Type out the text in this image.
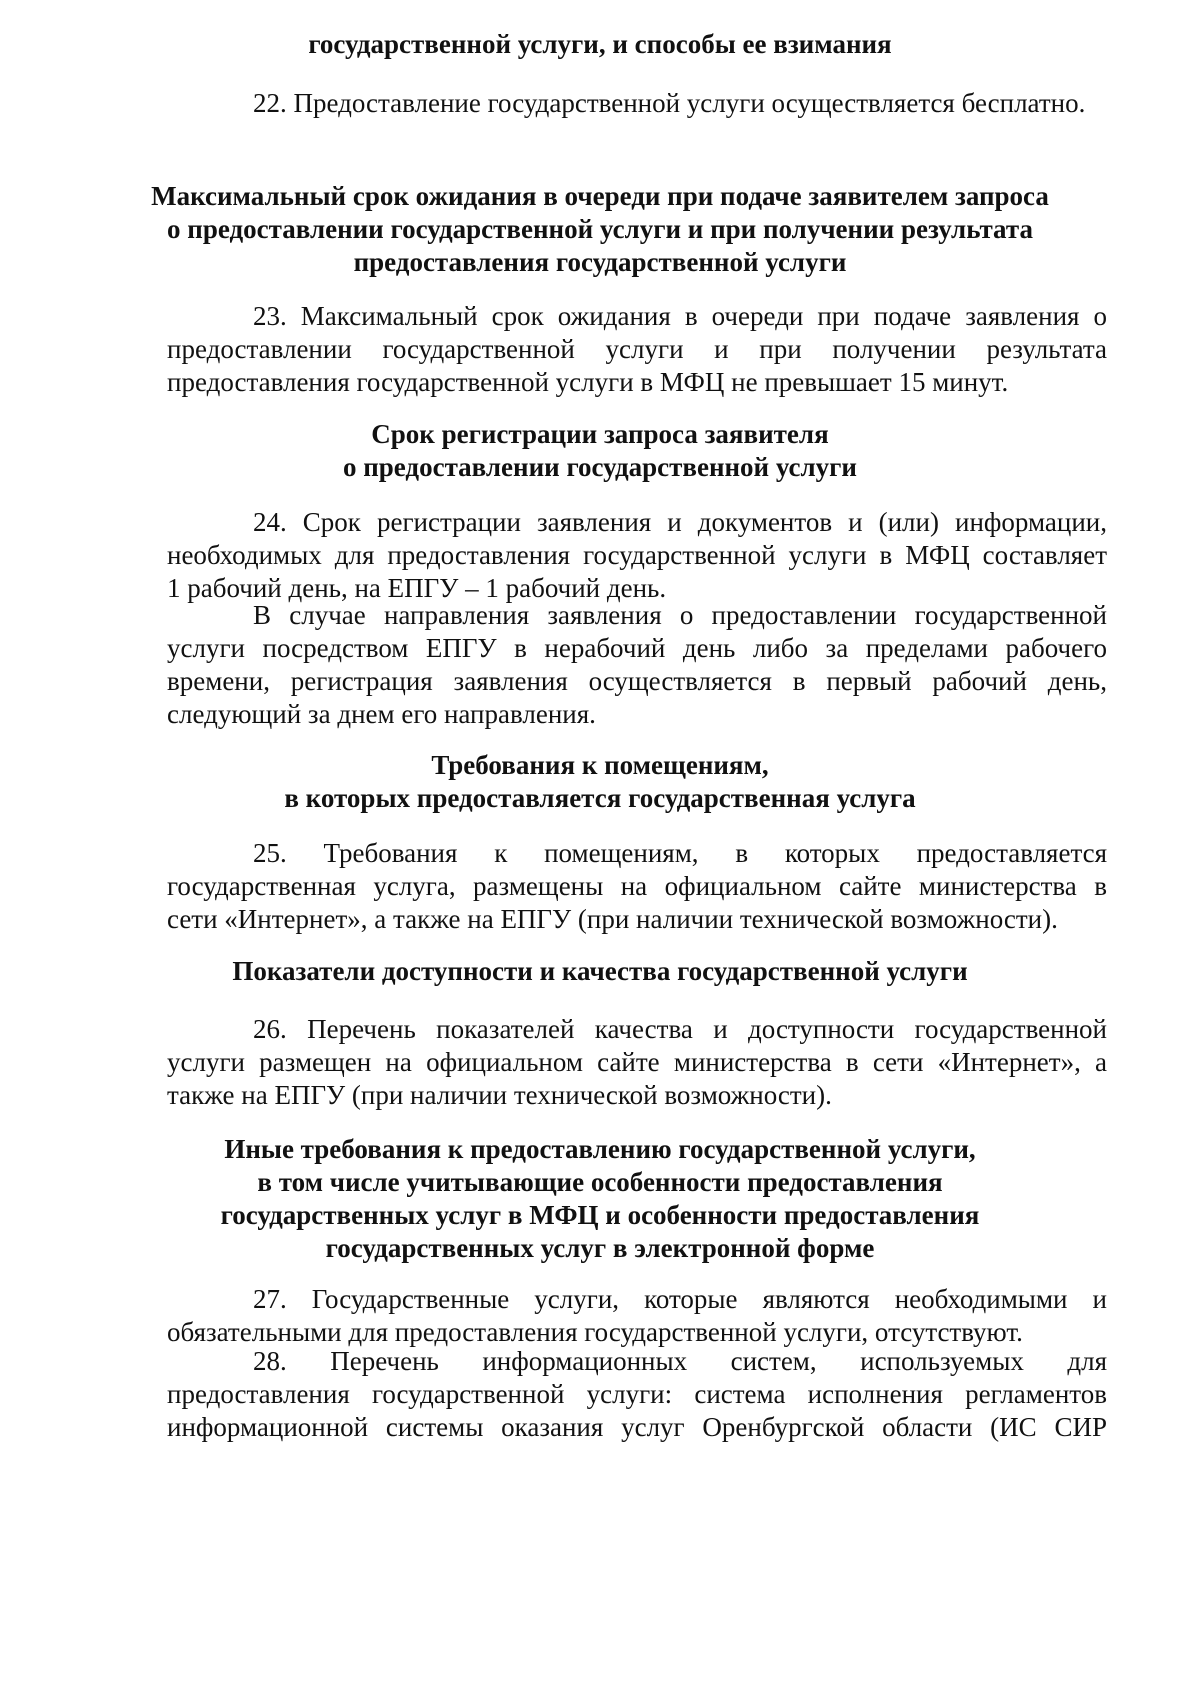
государственной услуги, и способы ее взимания
22. Предоставление государственной услуги осуществляется бесплатно.
Максимальный срок ожидания в очереди при подаче заявителем запроса
о предоставлении государственной услуги и при получении результата
предоставления государственной услуги
23. Максимальный срок ожидания в очереди при подаче заявления о
предоставлении государственной услуги и при получении результата
предоставления государственной услуги в МФЦ не превышает 15 минут.
Срок регистрации запроса заявителя
о предоставлении государственной услуги
24. Срок регистрации заявления и документов и (или) информации,
необходимых для предоставления государственной услуги в МФЦ составляет
1 рабочий день, на ЕПГУ – 1 рабочий день.
В случае направления заявления о предоставлении государственной
услуги посредством ЕПГУ в нерабочий день либо за пределами рабочего
времени, регистрация заявления осуществляется в первый рабочий день,
следующий за днем его направления.
Требования к помещениям,
в которых предоставляется государственная услуга
25. Требования к помещениям, в которых предоставляется
государственная услуга, размещены на официальном сайте министерства в
сети «Интернет», а также на ЕПГУ (при наличии технической возможности).
Показатели доступности и качества государственной услуги
26. Перечень показателей качества и доступности государственной
услуги размещен на официальном сайте министерства в сети «Интернет», а
также на ЕПГУ (при наличии технической возможности).
Иные требования к предоставлению государственной услуги,
в том числе учитывающие особенности предоставления
государственных услуг в МФЦ и особенности предоставления
государственных услуг в электронной форме
27. Государственные услуги, которые являются необходимыми и
обязательными для предоставления государственной услуги, отсутствуют.
28. Перечень информационных систем, используемых для
предоставления государственной услуги: система исполнения регламентов
информационной системы оказания услуг Оренбургской области (ИС СИР
